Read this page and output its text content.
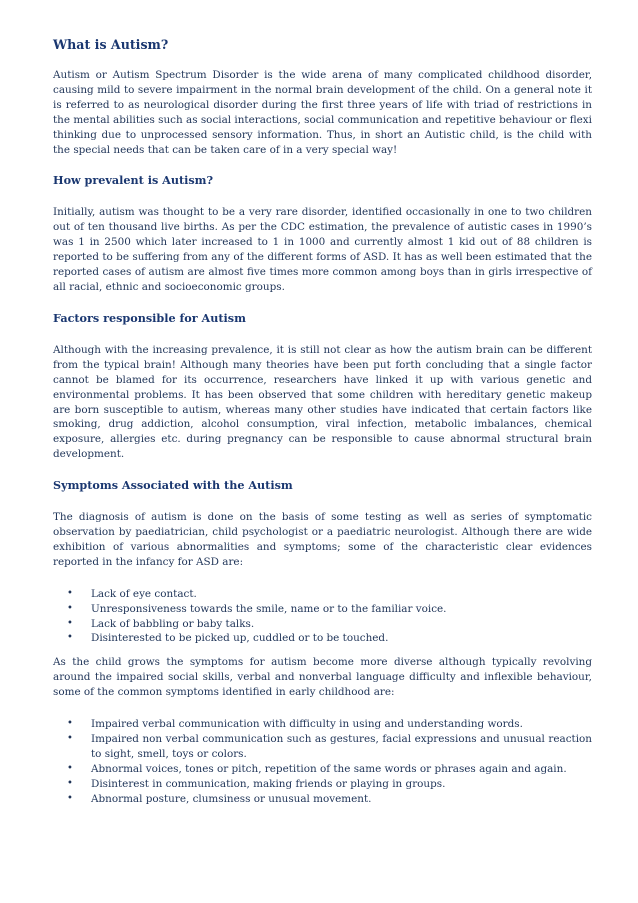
What is Autism?

Autism or Autism Spectrum Disorder is the wide arena of many complicated childhood disorder, causing mild to severe impairment in the normal brain development of the child. On a general note it is referred to as neurological disorder during the first three years of life with triad of restrictions in the mental abilities such as social interactions, social communication and repetitive behaviour or flexi thinking due to unprocessed sensory information. Thus, in short an Autistic child, is the child with the special needs that can be taken care of in a very special way!

How prevalent is Autism?

Initially, autism was thought to be a very rare disorder, identified occasionally in one to two children out of ten thousand live births. As per the CDC estimation, the prevalence of autistic cases in 1990’s was 1 in 2500 which later increased to 1 in 1000 and currently almost 1 kid out of 88 children is reported to be suffering from any of the different forms of ASD. It has as well been estimated that the reported cases of autism are almost five times more common among boys than in girls irrespective of all racial, ethnic and socioeconomic groups.

Factors responsible for Autism

Although with the increasing prevalence, it is still not clear as how the autism brain can be different from the typical brain! Although many theories have been put forth concluding that a single factor cannot be blamed for its occurrence, researchers have linked it up with various genetic and environmental problems. It has been observed that some children with hereditary genetic makeup are born susceptible to autism, whereas many other studies have indicated that certain factors like smoking, drug addiction, alcohol consumption, viral infection, metabolic imbalances, chemical exposure, allergies etc. during pregnancy can be responsible to cause abnormal structural brain development.

Symptoms Associated with the Autism

The diagnosis of autism is done on the basis of some testing as well as series of symptomatic observation by paediatrician, child psychologist or a paediatric neurologist. Although there are wide exhibition of various abnormalities and symptoms; some of the characteristic clear evidences reported in the infancy for ASD are:

• Lack of eye contact.
• Unresponsiveness towards the smile, name or to the familiar voice.
• Lack of babbling or baby talks.
• Disinterested to be picked up, cuddled or to be touched.

As the child grows the symptoms for autism become more diverse although typically revolving around the impaired social skills, verbal and nonverbal language difficulty and inflexible behaviour, some of the common symptoms identified in early childhood are:

• Impaired verbal communication with difficulty in using and understanding words.
• Impaired non verbal communication such as gestures, facial expressions and unusual reaction to sight, smell, toys or colors.
• Abnormal voices, tones or pitch, repetition of the same words or phrases again and again.
• Disinterest in communication, making friends or playing in groups.
• Abnormal posture, clumsiness or unusual movement.
